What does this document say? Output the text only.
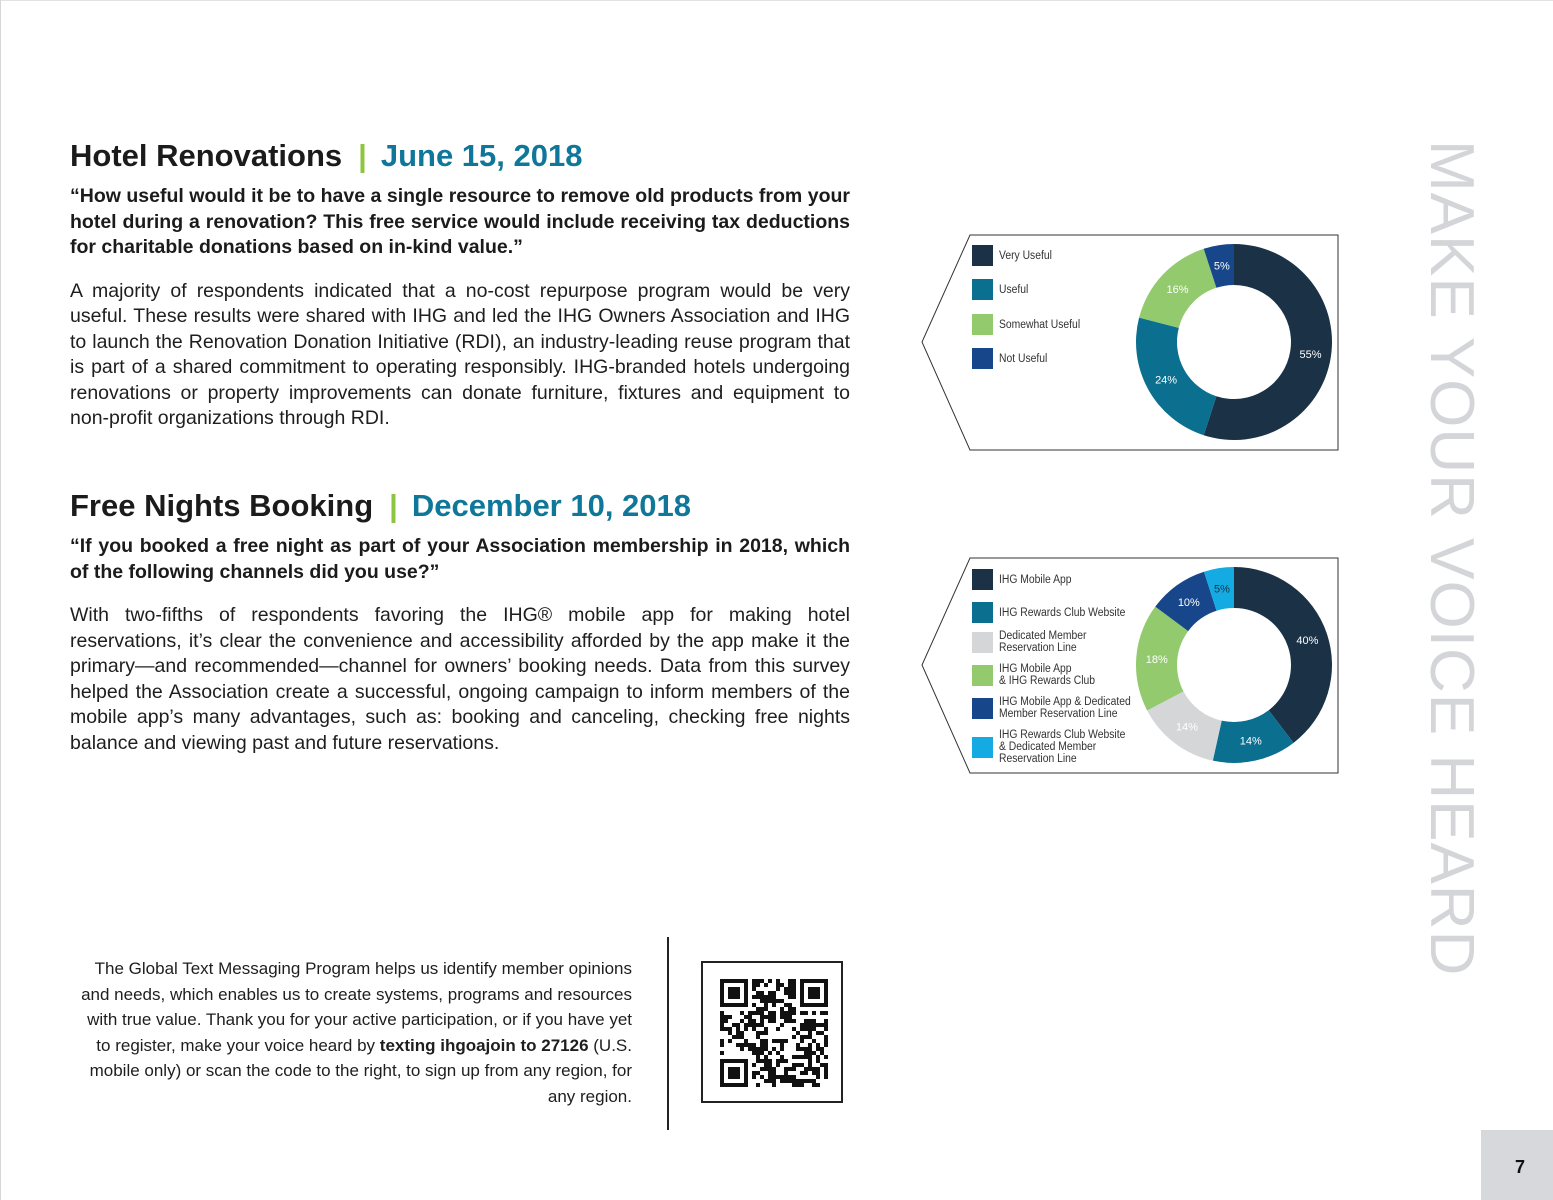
Hotel Renovations | June 15, 2018
“How useful would it be to have a single resource to remove old products from your hotel during a renovation? This free service would include receiving tax deductions for charitable donations based on in-kind value.”
A majority of respondents indicated that a no-cost repurpose program would be very useful. These results were shared with IHG and led the IHG Owners Association and IHG to launch the Renovation Donation Initiative (RDI), an industry-leading reuse program that is part of a shared commitment to operating responsibly. IHG-branded hotels undergoing renovations or property improvements can donate furniture, fixtures and equipment to non-profit organizations through RDI.
Free Nights Booking | December 10, 2018
“If you booked a free night as part of your Association membership in 2018, which of the following channels did you use?”
With two-fifths of respondents favoring the IHG® mobile app for making hotel reservations, it’s clear the convenience and accessibility afforded by the app make it the primary—and recommended—channel for owners’ booking needs. Data from this survey helped the Association create a successful, ongoing campaign to inform members of the mobile app’s many advantages, such as: booking and canceling, checking free nights balance and viewing past and future reservations.
55%
24%
16%
5%
Very Useful
Useful
Somewhat Useful
Not Useful
40%
14%
14%
18%
10%
5%
IHG Mobile App
IHG Rewards Club Website
Dedicated Member
Reservation Line
IHG Mobile App
& IHG Rewards Club
IHG Mobile App & Dedicated
Member Reservation Line
IHG Rewards Club Website
& Dedicated Member
Reservation Line	MAKE YOUR VOICE HEARD
7
The Global Text Messaging Program helps us identify member opinions and needs, which enables us to create systems, programs and resources with true value. Thank you for your active participation, or if you have yet to register, make your voice heard by texting ihgoajoin to 27126 (U.S. mobile only) or scan the code to the right, to sign up from any region, for any region.
